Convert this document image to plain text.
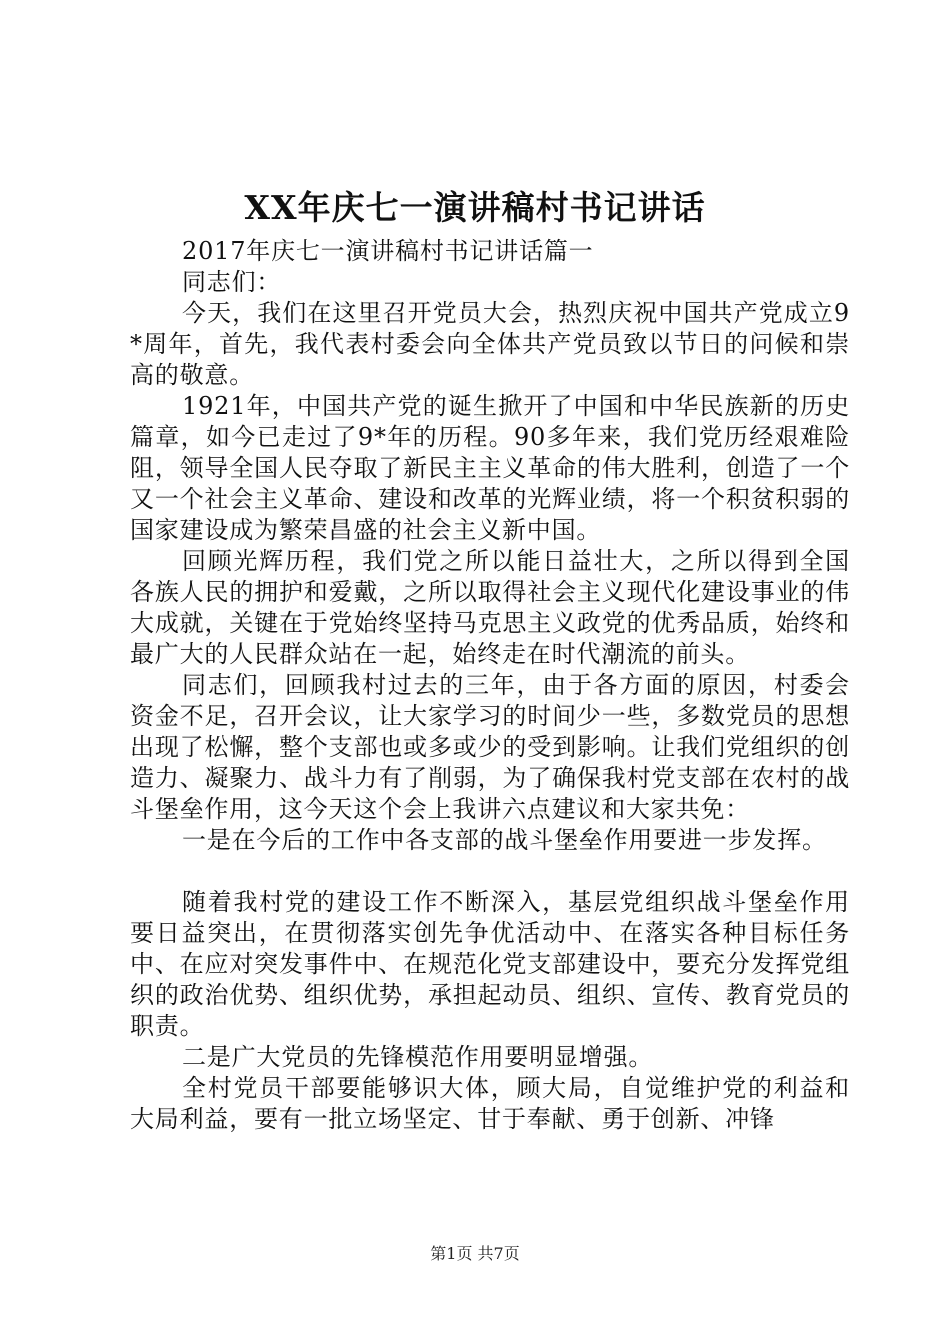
XX年庆七一演讲稿村书记讲话

2017年庆七一演讲稿村书记讲话篇一

同志们：

今天，我们在这里召开党员大会，热烈庆祝中国共产党成立9*周年，首先，我代表村委会向全体共产党员致以节日的问候和崇高的敬意。

1921年，中国共产党的诞生掀开了中国和中华民族新的历史篇章，如今已走过了9*年的历程。90多年来，我们党历经艰难险阻，领导全国人民夺取了新民主主义革命的伟大胜利，创造了一个又一个社会主义革命、建设和改革的光辉业绩，将一个积贫积弱的国家建设成为繁荣昌盛的社会主义新中国。

回顾光辉历程，我们党之所以能日益壮大，之所以得到全国各族人民的拥护和爱戴，之所以取得社会主义现代化建设事业的伟大成就，关键在于党始终坚持马克思主义政党的优秀品质，始终和最广大的人民群众站在一起，始终走在时代潮流的前头。

同志们，回顾我村过去的三年，由于各方面的原因，村委会资金不足，召开会议，让大家学习的时间少一些，多数党员的思想出现了松懈，整个支部也或多或少的受到影响。让我们党组织的创造力、凝聚力、战斗力有了削弱，为了确保我村党支部在农村的战斗堡垒作用，这今天这个会上我讲六点建议和大家共免：

一是在今后的工作中各支部的战斗堡垒作用要进一步发挥。

随着我村党的建设工作不断深入，基层党组织战斗堡垒作用要日益突出，在贯彻落实创先争优活动中、在落实各种目标任务中、在应对突发事件中、在规范化党支部建设中，要充分发挥党组织的政治优势、组织优势，承担起动员、组织、宣传、教育党员的职责。

二是广大党员的先锋模范作用要明显增强。

全村党员干部要能够识大体，顾大局，自觉维护党的利益和大局利益，要有一批立场坚定、甘于奉献、勇于创新、冲锋

第1页 共7页
